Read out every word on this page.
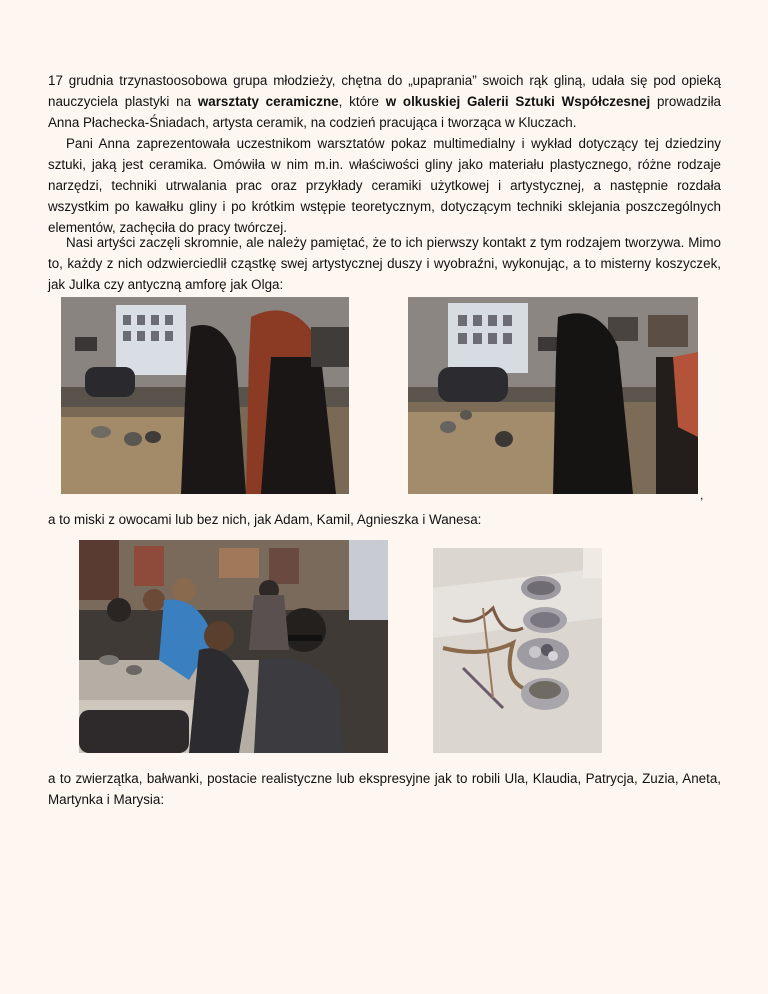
17 grudnia trzynastoosobowa grupa młodzieży, chętna do „upaprania” swoich rąk gliną, udała się pod opieką nauczyciela plastyki na warsztaty ceramiczne, które w olkuskiej Galerii Sztuki Współczesnej prowadziła Anna Płachecka-Śniadach, artysta ceramik, na codzień pracująca i tworząca w Kluczach.

Pani Anna zaprezentowała uczestnikom warsztatów pokaz multimedialny i wykład dotyczący tej dziedziny sztuki, jaką jest ceramika. Omówiła w nim m.in. właściwości gliny jako materiału plastycznego, różne rodzaje narzędzi, techniki utrwalania prac oraz przykłady ceramiki użytkowej i artystycznej, a następnie rozdała wszystkim po kawałku gliny i po krótkim wstępie teoretycznym, dotyczącym techniki sklejania poszczególnych elementów, zachęciła do pracy twórczej.

Nasi artyści zaczęli skromnie, ale należy pamiętać, że to ich pierwszy kontakt z tym rodzajem tworzywa. Mimo to, każdy z nich odzwierciedlił cząstkę swej artystycznej duszy i wyobraźni, wykonując, a to misterny koszyczek, jak Julka czy antyczną amforę jak Olga:

,

a to miski z owocami lub bez nich, jak Adam, Kamil, Agnieszka i Wanesa:

a to zwierzątka, bałwanki, postacie realistyczne lub ekspresyjne jak to robili Ula, Klaudia, Patrycja, Zuzia, Aneta, Martynka i Marysia:
